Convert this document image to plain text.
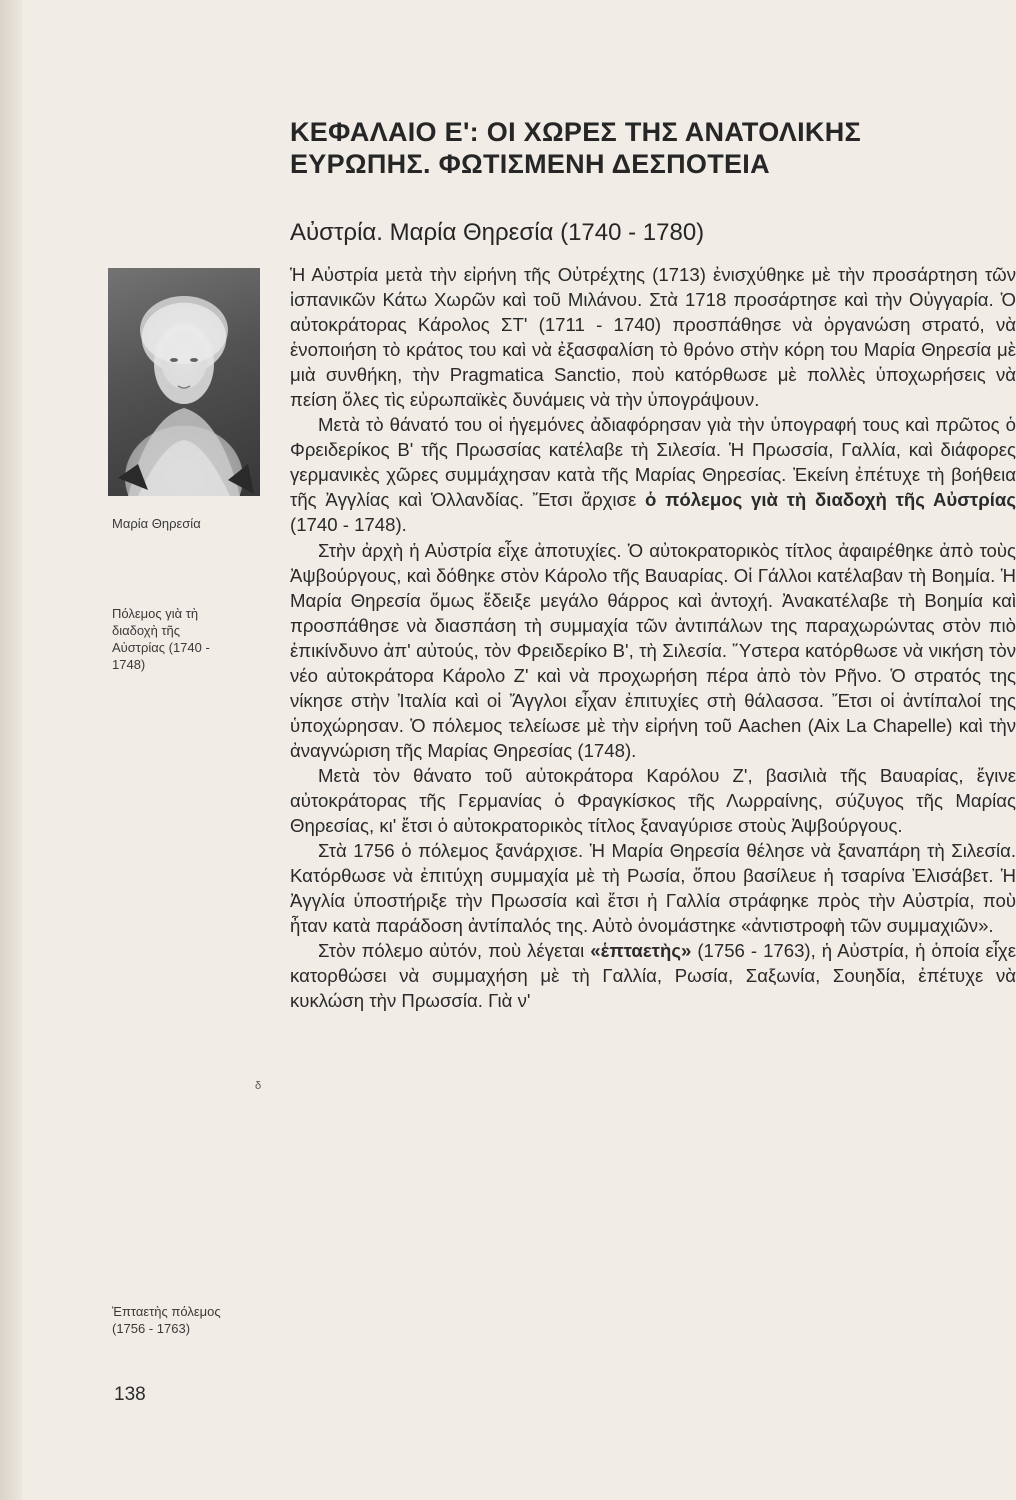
Μαρία Θηρεσία
Πόλεμος γιὰ τὴ
διαδοχὴ τῆς
Αὐστρίας (1740 -
1748)
δ
Ἑπταετὴς πόλεμος
(1756 - 1763)
138
ΚΕΦΑΛΑΙΟ Ε': ΟΙ ΧΩΡΕΣ ΤΗΣ ΑΝΑΤΟΛΙΚΗΣ
ΕΥΡΩΠΗΣ. ΦΩΤΙΣΜΕΝΗ ΔΕΣΠΟΤΕΙΑ
Αὐστρία. Μαρία Θηρεσία (1740 - 1780)

Ἡ Αὐστρία μετὰ τὴν εἰρήνη τῆς Οὐτρέχτης (1713) ἐνισχύθηκε μὲ τὴν προσάρτηση τῶν ἱσπανικῶν Κάτω Χωρῶν καὶ τοῦ Μιλάνου. Στὰ 1718 προσάρτησε καὶ τὴν Οὐγγαρία. Ὁ αὐτοκράτορας Κάρολος ΣΤ' (1711 - 1740) προσπάθησε νὰ ὀργανώση στρατό, νὰ ἑνοποιήση τὸ κράτος του καὶ νὰ ἐξασφαλίση τὸ θρόνο στὴν κόρη του Μαρία Θηρεσία μὲ μιὰ συνθήκη, τὴν Pragmatica Sanctio, ποὺ κατόρθωσε μὲ πολλὲς ὑποχωρήσεις νὰ πείση ὅλες τὶς εὐρωπαϊκὲς δυνάμεις νὰ τὴν ὑπογράψουν.

Μετὰ τὸ θάνατό του οἱ ἡγεμόνες ἀδιαφόρησαν γιὰ τὴν ὑπογραφή τους καὶ πρῶτος ὁ Φρειδερίκος Β' τῆς Πρωσσίας κατέλαβε τὴ Σιλεσία. Ἡ Πρωσσία, Γαλλία, καὶ διάφορες γερμανικὲς χῶρες συμμάχησαν κατὰ τῆς Μαρίας Θηρεσίας. Ἐκείνη ἐπέτυχε τὴ βοήθεια τῆς Ἀγγλίας καὶ Ὁλλανδίας. Ἔτσι ἄρχισε ὁ πόλεμος γιὰ τὴ διαδοχὴ τῆς Αὐστρίας (1740 - 1748).

Στὴν ἀρχὴ ἡ Αὐστρία εἶχε ἀποτυχίες. Ὁ αὐτοκρατορικὸς τίτλος ἀφαιρέθηκε ἀπὸ τοὺς Ἀψβούργους, καὶ δόθηκε στὸν Κάρολο τῆς Βαυαρίας. Οἱ Γάλλοι κατέλαβαν τὴ Βοημία. Ἡ Μαρία Θηρεσία ὅμως ἔδειξε μεγάλο θάρρος καὶ ἀντοχή. Ἀνακατέλαβε τὴ Βοημία καὶ προσπάθησε νὰ διασπάση τὴ συμμαχία τῶν ἀντιπάλων της παραχωρώντας στὸν πιὸ ἐπικίνδυνο ἀπ' αὐτούς, τὸν Φρειδερίκο Β', τὴ Σιλεσία. Ὕστερα κατόρθωσε νὰ νικήση τὸν νέο αὐτοκράτορα Κάρολο Ζ' καὶ νὰ προχωρήση πέρα ἀπὸ τὸν Ρῆνο. Ὁ στρατός της νίκησε στὴν Ἰταλία καὶ οἱ Ἄγγλοι εἶχαν ἐπιτυχίες στὴ θάλασσα. Ἔτσι οἱ ἀντίπαλοί της ὑποχώρησαν. Ὁ πόλεμος τελείωσε μὲ τὴν εἰρήνη τοῦ Aachen (Aix La Chapelle) καὶ τὴν ἀναγνώριση τῆς Μαρίας Θηρεσίας (1748).

Μετὰ τὸν θάνατο τοῦ αὐτοκράτορα Καρόλου Ζ', βασιλιὰ τῆς Βαυαρίας, ἔγινε αὐτοκράτορας τῆς Γερμανίας ὁ Φραγκίσκος τῆς Λωρραίνης, σύζυγος τῆς Μαρίας Θηρεσίας, κι' ἔτσι ὁ αὐτοκρατορικὸς τίτλος ξαναγύρισε στοὺς Ἀψβούργους.

Στὰ 1756 ὁ πόλεμος ξανάρχισε. Ἡ Μαρία Θηρεσία θέλησε νὰ ξαναπάρη τὴ Σιλεσία. Κατόρθωσε νὰ ἐπιτύχη συμμαχία μὲ τὴ Ρωσία, ὅπου βασίλευε ἡ τσαρίνα Ἐλισάβετ. Ἡ Ἀγγλία ὑποστήριξε τὴν Πρωσσία καὶ ἔτσι ἡ Γαλλία στράφηκε πρὸς τὴν Αὐστρία, ποὺ ἦταν κατὰ παράδοση ἀντίπαλός της. Αὐτὸ ὀνομάστηκε «ἀντιστροφὴ τῶν συμμαχιῶν».

Στὸν πόλεμο αὐτόν, ποὺ λέγεται «ἑπταετὴς» (1756 - 1763), ἡ Αὐστρία, ἡ ὁποία εἶχε κατορθώσει νὰ συμμαχήση μὲ τὴ Γαλλία, Ρωσία, Σαξωνία, Σουηδία, ἐπέτυχε νὰ κυκλώση τὴν Πρωσσία. Γιὰ ν'
